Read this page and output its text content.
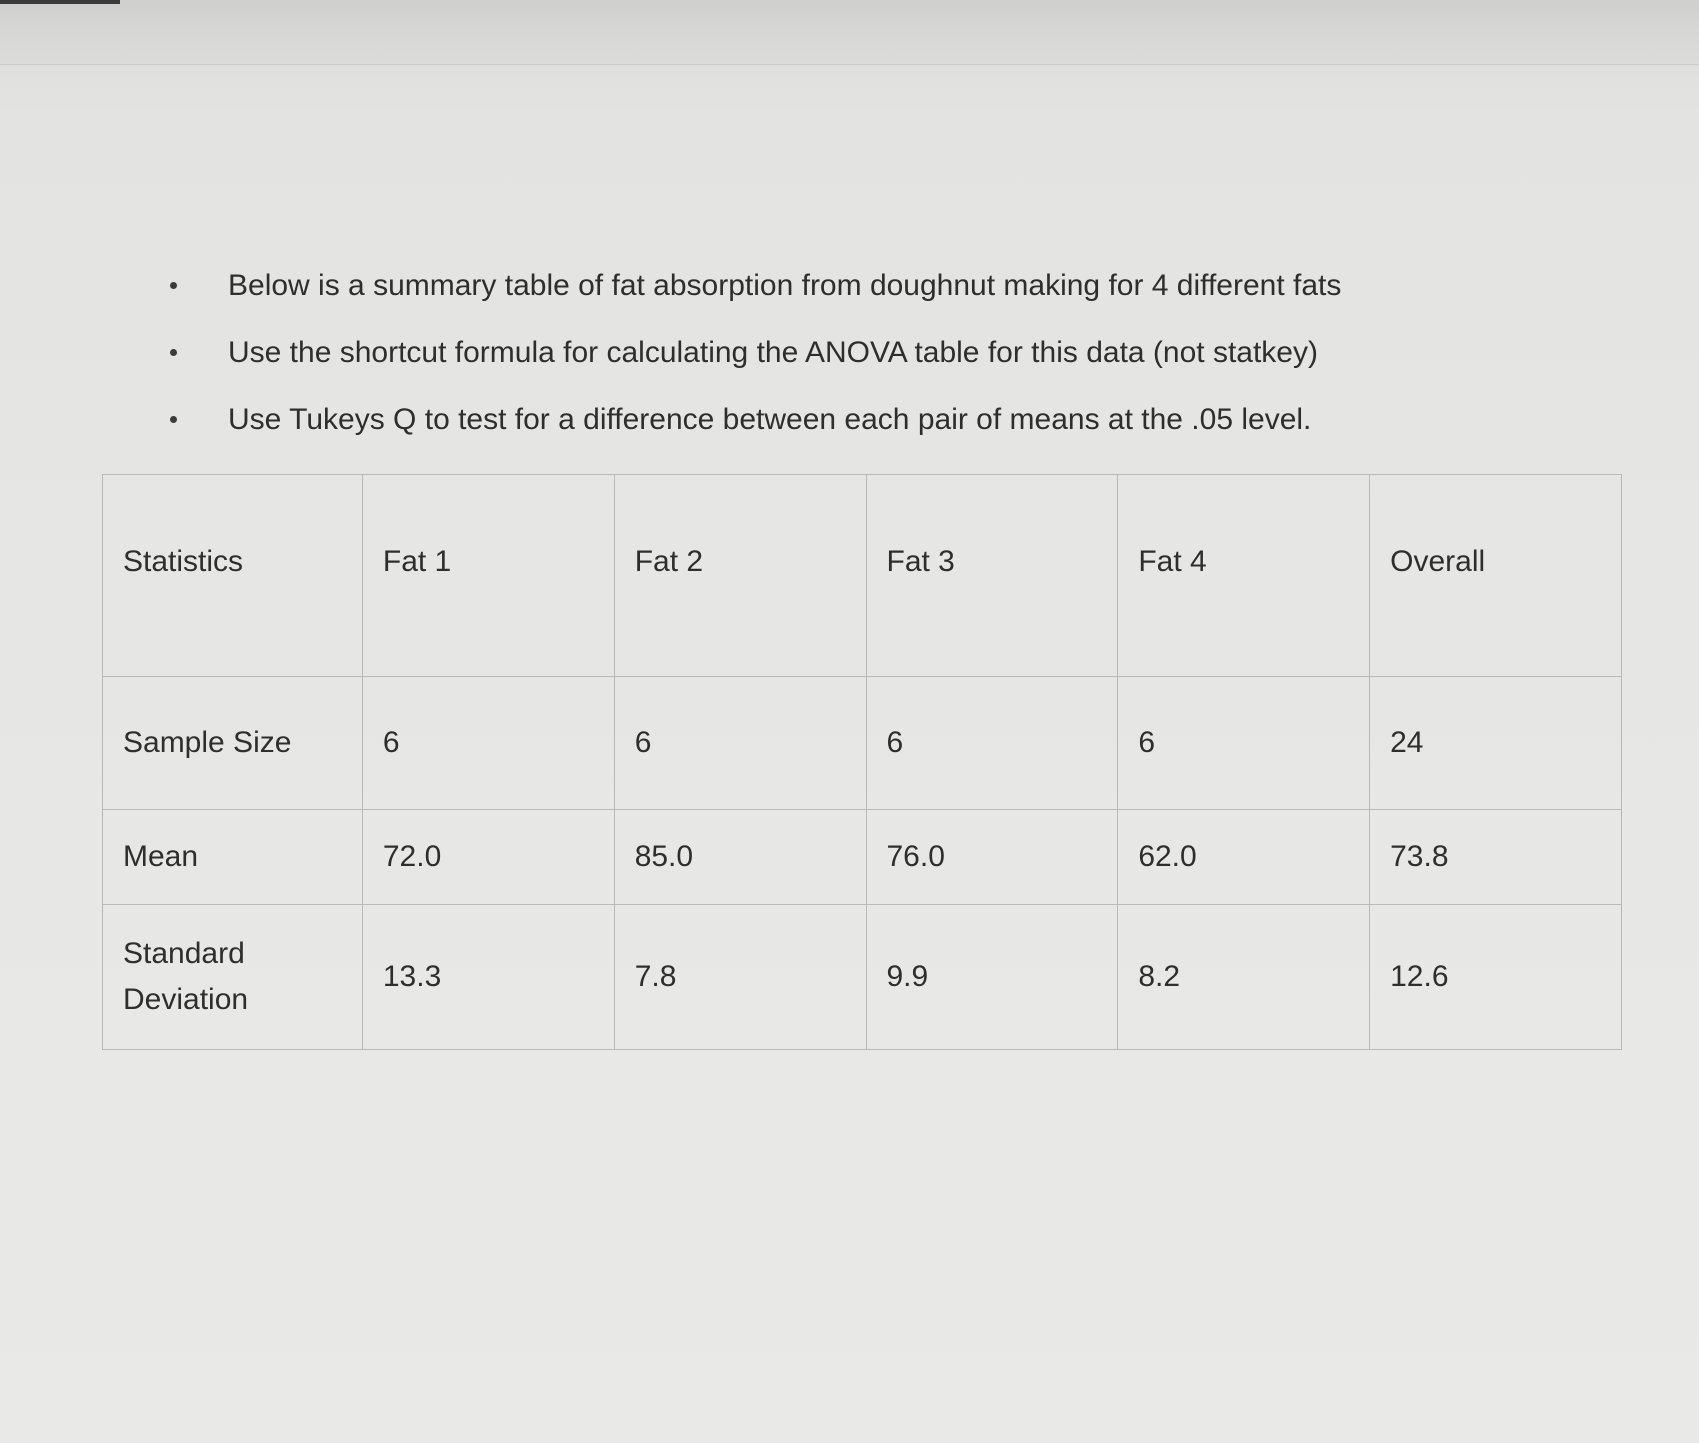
Below is a summary table of fat absorption from doughnut making for 4 different fats
Use the shortcut formula for calculating the ANOVA table for this data (not statkey)
Use Tukeys Q to test for a difference between each pair of means at the .05 level.
Statistics	Fat 1	Fat 2	Fat 3	Fat 4	Overall
Sample Size	6	6	6	6	24
Mean	72.0	85.0	76.0	62.0	73.8

Standard
Deviation	13.3	7.8	9.9	8.2	12.6
